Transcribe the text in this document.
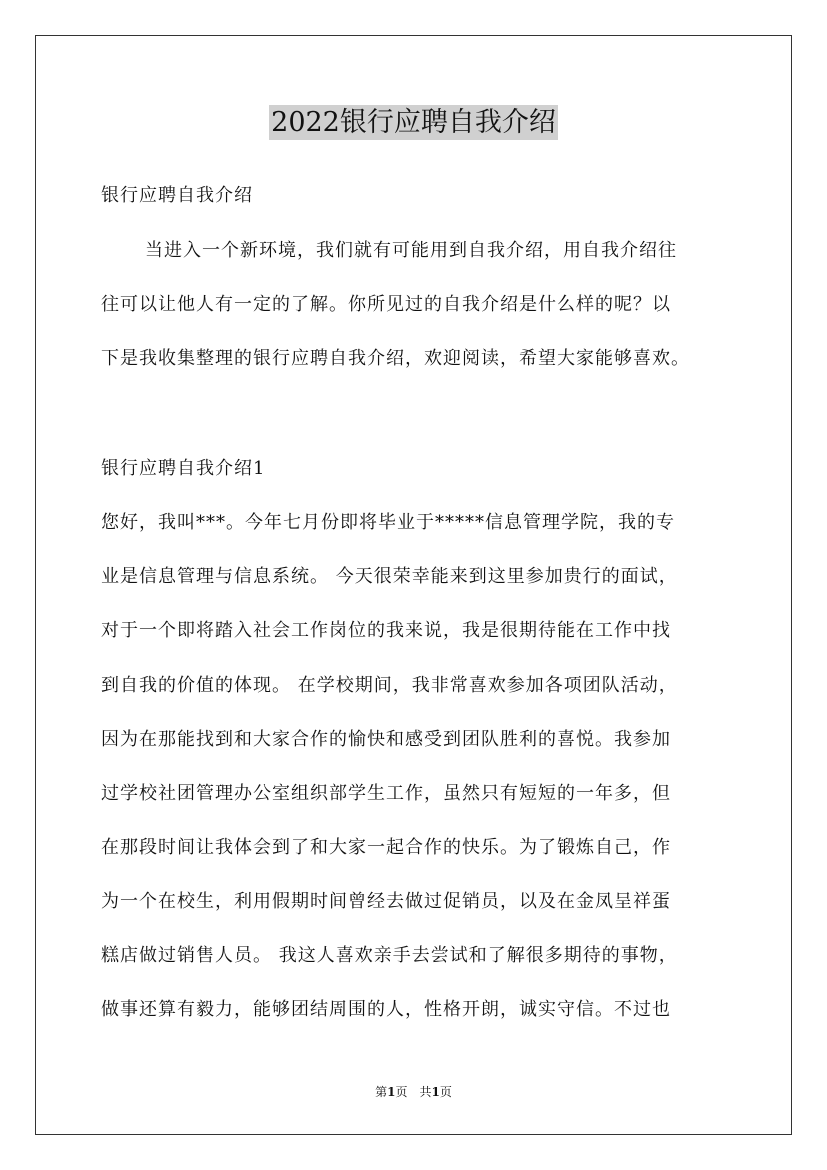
2022银行应聘自我介绍
银行应聘自我介绍
当进入一个新环境，我们就有可能用到自我介绍，用自我介绍往
往可以让他人有一定的了解。你所见过的自我介绍是什么样的呢？以
下是我收集整理的银行应聘自我介绍，欢迎阅读，希望大家能够喜欢。
银行应聘自我介绍1
您好，我叫***。今年七月份即将毕业于*****信息管理学院，我的专
业是信息管理与信息系统。 今天很荣幸能来到这里参加贵行的面试，
对于一个即将踏入社会工作岗位的我来说，我是很期待能在工作中找
到自我的价值的体现。 在学校期间，我非常喜欢参加各项团队活动，
因为在那能找到和大家合作的愉快和感受到团队胜利的喜悦。我参加
过学校社团管理办公室组织部学生工作，虽然只有短短的一年多，但
在那段时间让我体会到了和大家一起合作的快乐。为了锻炼自己，作
为一个在校生，利用假期时间曾经去做过促销员，以及在金凤呈祥蛋
糕店做过销售人员。 我这人喜欢亲手去尝试和了解很多期待的事物，
做事还算有毅力，能够团结周围的人，性格开朗，诚实守信。不过也
第1页　共1页
